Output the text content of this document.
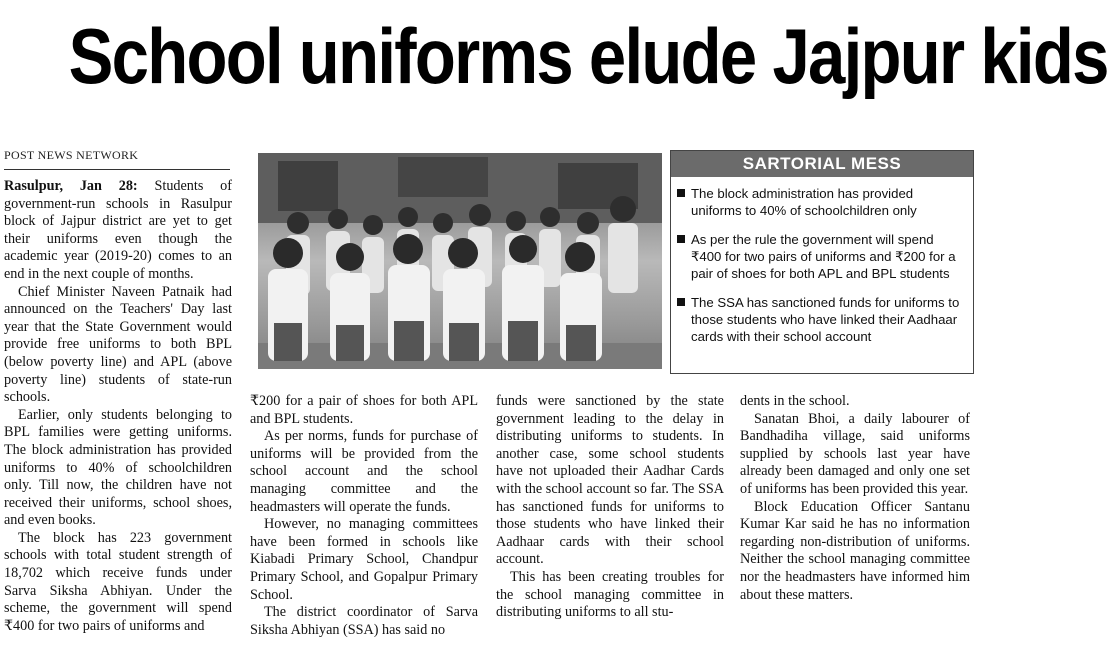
School uniforms elude Jajpur kids
POST NEWS NETWORK

Rasulpur, Jan 28: Students of government-run schools in Rasulpur block of Jajpur district are yet to get their uniforms even though the academic year (2019-20) comes to an end in the next couple of months.

Chief Minister Naveen Patnaik had announced on the Teachers' Day last year that the State Government would provide free uniforms to both BPL (below poverty line) and APL (above poverty line) students of state-run schools.

Earlier, only students belonging to BPL families were getting uniforms. The block administration has provided uniforms to 40% of schoolchildren only. Till now, the children have not received their uniforms, school shoes, and even books.

The block has 223 government schools with total student strength of 18,702 which receive funds under Sarva Siksha Abhiyan. Under the scheme, the government will spend ₹400 for two pairs of uniforms and

SARTORIAL MESS
The block administration has provided uniforms to 40% of schoolchildren only
As per the rule the government will spend ₹400 for two pairs of uniforms and ₹200 for a pair of shoes for both APL and BPL students
The SSA has sanctioned funds for uniforms to those students who have linked their Aadhaar cards with their school account

₹200 for a pair of shoes for both APL and BPL students.

As per norms, funds for purchase of uniforms will be provided from the school account and the school managing committee and the headmasters will operate the funds.

However, no managing committees have been formed in schools like Kiabadi Primary School, Chandpur Primary School, and Gopalpur Primary School.

The district coordinator of Sarva Siksha Abhiyan (SSA) has said no

funds were sanctioned by the state government leading to the delay in distributing uniforms to students. In another case, some school students have not uploaded their Aadhar Cards with the school account so far. The SSA has sanctioned funds for uniforms to those students who have linked their Aadhaar cards with their school account.

This has been creating troubles for the school managing committee in distributing uniforms to all stu-

dents in the school.

Sanatan Bhoi, a daily labourer of Bandhadiha village, said uniforms supplied by schools last year have already been damaged and only one set of uniforms has been provided this year.

Block Education Officer Santanu Kumar Kar said he has no information regarding non-distribution of uniforms. Neither the school managing committee nor the headmasters have informed him about these matters.
